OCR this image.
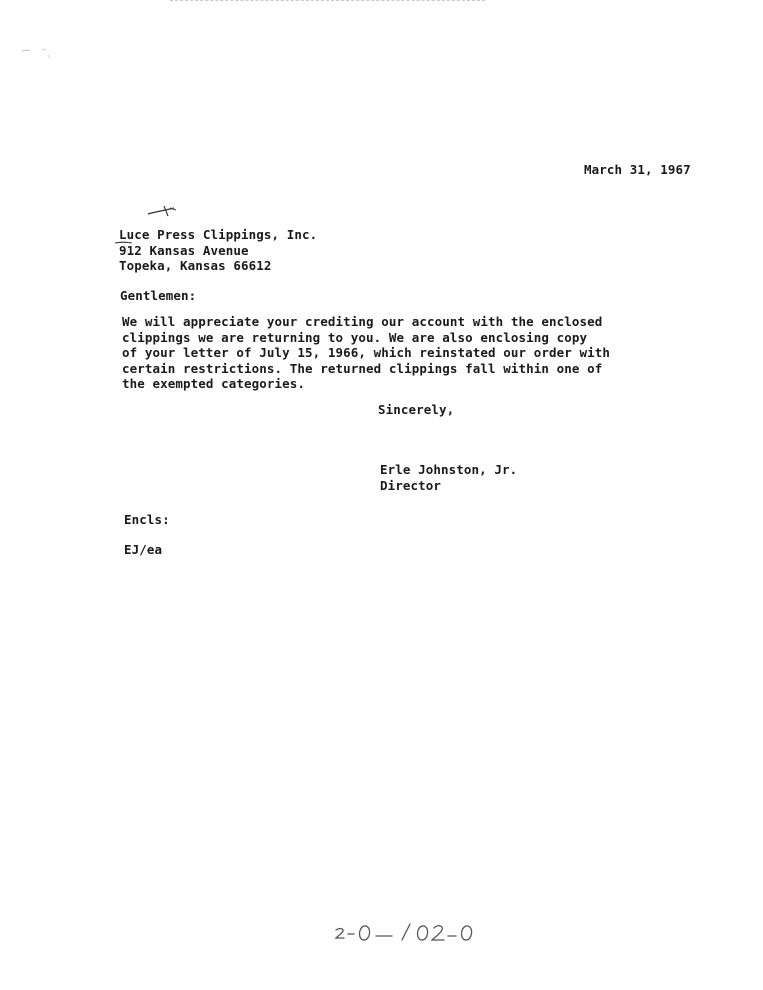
March 31, 1967
Luce Press Clippings, Inc.
912 Kansas Avenue
Topeka, Kansas 66612
Gentlemen:
We will appreciate your crediting our account with the enclosed
clippings we are returning to you. We are also enclosing copy
of your letter of July 15, 1966, which reinstated our order with
certain restrictions. The returned clippings fall within one of
the exempted categories.
Sincerely,
Erle Johnston, Jr.
Director
Encls:
EJ/ea
